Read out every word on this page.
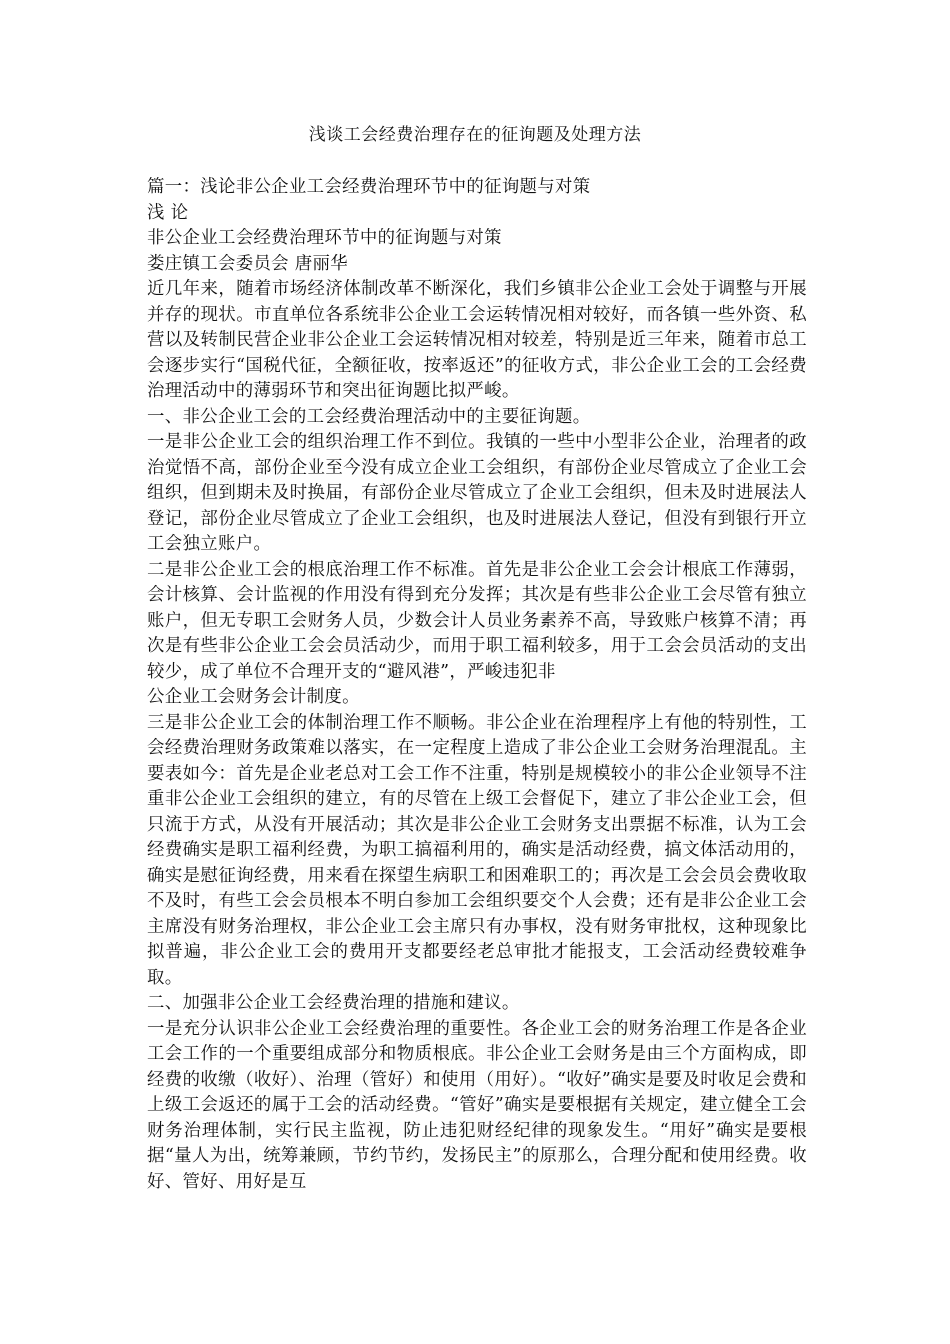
浅谈工会经费治理存在的征询题及处理方法

篇一：浅论非公企业工会经费治理环节中的征询题与对策

浅 论

非公企业工会经费治理环节中的征询题与对策

娄庄镇工会委员会 唐丽华

近几年来，随着市场经济体制改革不断深化，我们乡镇非公企业工会处于调整与开展并存的现状。市直单位各系统非公企业工会运转情况相对较好，而各镇一些外资、私营以及转制民营企业非公企业工会运转情况相对较差，特别是近三年来，随着市总工会逐步实行“国税代征，全额征收，按率返还”的征收方式，非公企业工会的工会经费治理活动中的薄弱环节和突出征询题比拟严峻。

一、非公企业工会的工会经费治理活动中的主要征询题。

一是非公企业工会的组织治理工作不到位。我镇的一些中小型非公企业，治理者的政治觉悟不高，部份企业至今没有成立企业工会组织，有部份企业尽管成立了企业工会组织，但到期未及时换届，有部份企业尽管成立了企业工会组织，但未及时进展法人登记，部份企业尽管成立了企业工会组织，也及时进展法人登记，但没有到银行开立工会独立账户。

二是非公企业工会的根底治理工作不标准。首先是非公企业工会会计根底工作薄弱，会计核算、会计监视的作用没有得到充分发挥；其次是有些非公企业工会尽管有独立账户，但无专职工会财务人员，少数会计人员业务素养不高，导致账户核算不清；再次是有些非公企业工会会员活动少，而用于职工福利较多，用于工会会员活动的支出较少，成了单位不合理开支的“避风港”，严峻违犯非

公企业工会财务会计制度。

三是非公企业工会的体制治理工作不顺畅。非公企业在治理程序上有他的特别性，工会经费治理财务政策难以落实，在一定程度上造成了非公企业工会财务治理混乱。主要表如今：首先是企业老总对工会工作不注重，特别是规模较小的非公企业领导不注重非公企业工会组织的建立，有的尽管在上级工会督促下，建立了非公企业工会，但只流于方式，从没有开展活动；其次是非公企业工会财务支出票据不标准，认为工会经费确实是职工福利经费，为职工搞福利用的，确实是活动经费，搞文体活动用的，确实是慰征询经费，用来看在探望生病职工和困难职工的；再次是工会会员会费收取不及时，有些工会会员根本不明白参加工会组织要交个人会费；还有是非公企业工会主席没有财务治理权，非公企业工会主席只有办事权，没有财务审批权，这种现象比拟普遍，非公企业工会的费用开支都要经老总审批才能报支，工会活动经费较难争取。

二、加强非公企业工会经费治理的措施和建议。

一是充分认识非公企业工会经费治理的重要性。各企业工会的财务治理工作是各企业工会工作的一个重要组成部分和物质根底。非公企业工会财务是由三个方面构成，即经费的收缴（收好）、治理（管好）和使用（用好）。“收好”确实是要及时收足会费和上级工会返还的属于工会的活动经费。“管好”确实是要根据有关规定，建立健全工会财务治理体制，实行民主监视，防止违犯财经纪律的现象发生。“用好”确实是要根据“量人为出，统筹兼顾，节约节约，发扬民主”的原那么，合理分配和使用经费。收好、管好、用好是互
